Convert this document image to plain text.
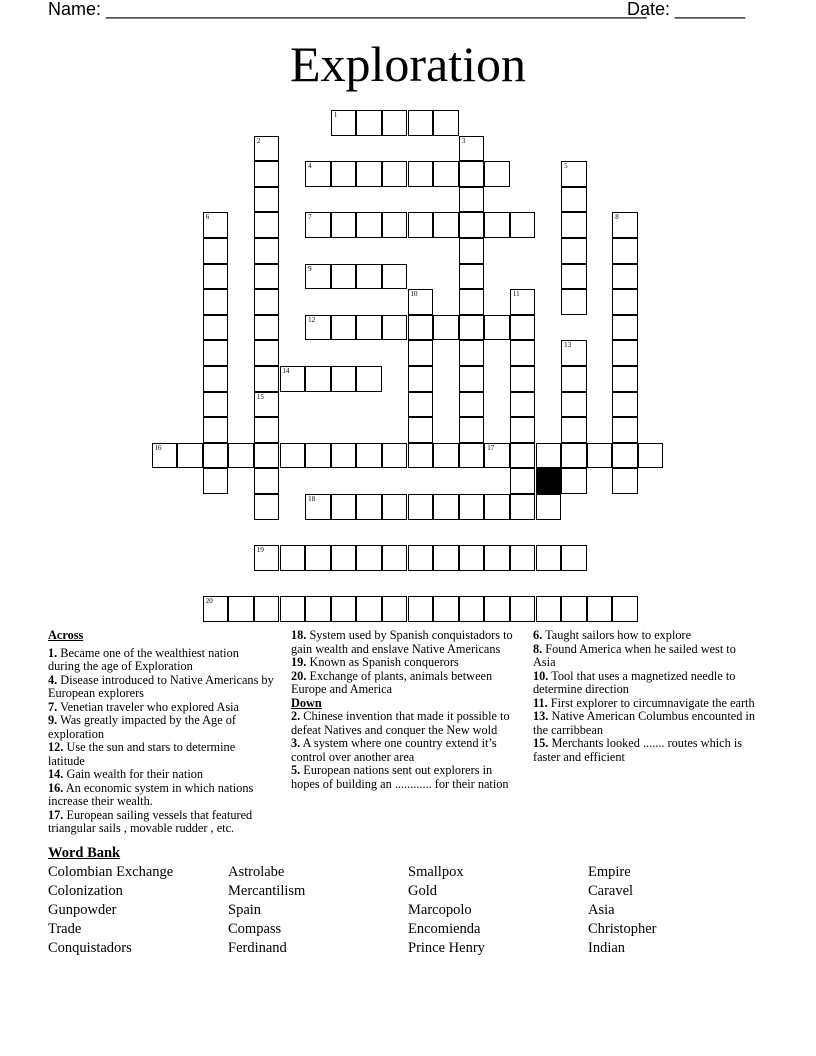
Name: ______________________________________________________
Date: _______
Exploration
1
2	3
4	5
6	7	8
9
10	11
12
13
14
15
16	17
18
19
20
Across
1. Became one of the wealthiest nation during the age of Exploration
4. Disease introduced to Native Americans by European explorers
7. Venetian traveler who explored Asia
9. Was greatly impacted by the Age of exploration
12. Use the sun and stars to determine latitude
14. Gain wealth for their nation
16. An economic system in which nations increase their wealth.
17. European sailing vessels that featured triangular sails , movable rudder , etc.
18. System used by Spanish conquistadors to gain wealth and enslave Native Americans
19. Known as Spanish conquerors
20. Exchange of plants, animals between Europe and America
Down
2. Chinese invention that made it possible to defeat Natives and conquer the New wold
3. A system where one country extend it’s control over another area
5. European nations sent out explorers in hopes of building an ............ for their nation
6. Taught sailors how to explore
8. Found America when he sailed west to Asia
10. Tool that uses a magnetized needle to determine direction
11. First explorer to circumnavigate the earth
13. Native American Columbus encounted in the carribbean
15. Merchants looked ....... routes which is faster and efficient
Word Bank
Colombian Exchange
Colonization
Gunpowder
Trade
Conquistadors
Astrolabe
Mercantilism
Spain
Compass
Ferdinand
Smallpox
Gold
Marcopolo
Encomienda
Prince Henry
Empire
Caravel
Asia
Christopher
Indian
